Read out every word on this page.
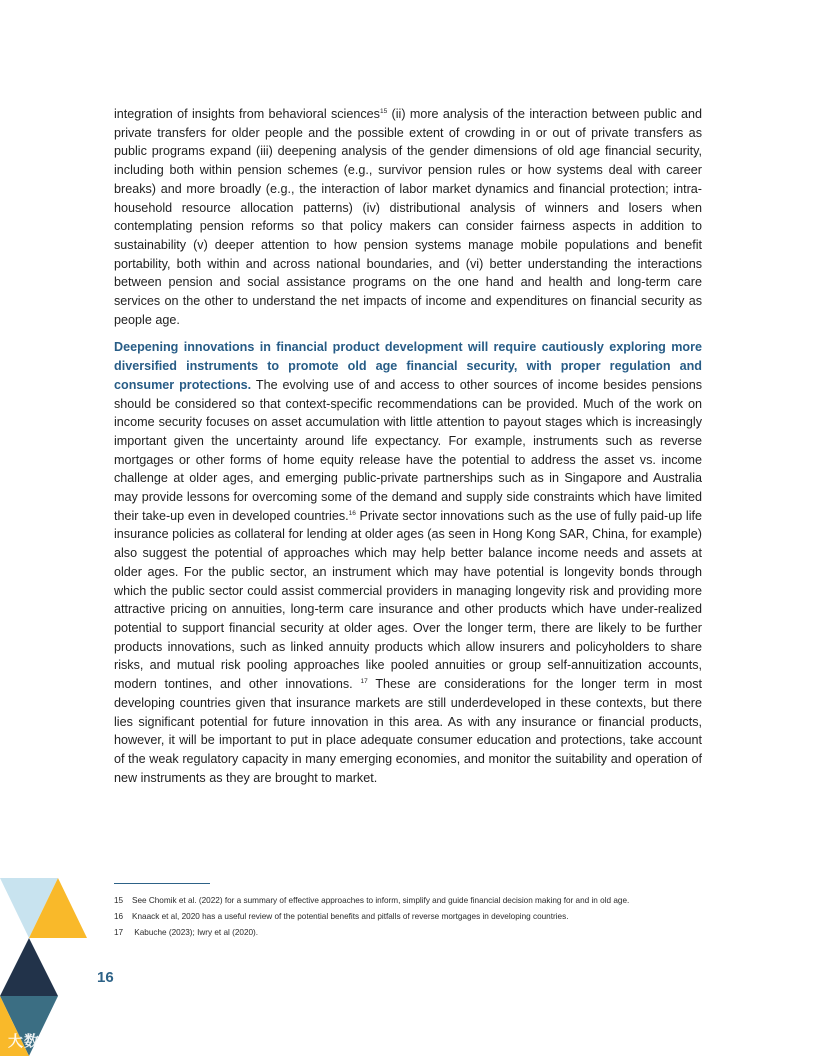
integration of insights from behavioral sciences$^{15}$ (ii) more analysis of the interaction between public and private transfers for older people and the possible extent of crowding in or out of private transfers as public programs expand (iii) deepening analysis of the gender dimensions of old age financial security, including both within pension schemes (e.g., survivor pension rules or how systems deal with career breaks) and more broadly (e.g., the interaction of labor market dynamics and financial protection; intra-household resource allocation patterns) (iv) distributional analysis of winners and losers when contemplating pension reforms so that policy makers can consider fairness aspects in addition to sustainability (v) deeper attention to how pension systems manage mobile populations and benefit portability, both within and across national boundaries, and (vi) better understanding the interactions between pension and social assistance programs on the one hand and health and long-term care services on the other to understand the net impacts of income and expenditures on financial security as people age.

Deepening innovations in financial product development will require cautiously exploring more diversified instruments to promote old age financial security, with proper regulation and consumer protections. The evolving use of and access to other sources of income besides pensions should be considered so that context-specific recommendations can be provided. Much of the work on income security focuses on asset accumulation with little attention to payout stages which is increasingly important given the uncertainty around life expectancy. For example, instruments such as reverse mortgages or other forms of home equity release have the potential to address the asset vs. income challenge at older ages, and emerging public-private partnerships such as in Singapore and Australia may provide lessons for overcoming some of the demand and supply side constraints which have limited their take-up even in developed countries.$^{16}$ Private sector innovations such as the use of fully paid-up life insurance policies as collateral for lending at older ages (as seen in Hong Kong SAR, China, for example) also suggest the potential of approaches which may help better balance income needs and assets at older ages. For the public sector, an instrument which may have potential is longevity bonds through which the public sector could assist commercial providers in managing longevity risk and providing more attractive pricing on annuities, long-term care insurance and other products which have under-realized potential to support financial security at older ages. Over the longer term, there are likely to be further products innovations, such as linked annuity products which allow insurers and policyholders to share risks, and mutual risk pooling approaches like pooled annuities or group self-annuitization accounts, modern tontines, and other innovations. $^{17}$ These are considerations for the longer term in most developing countries given that insurance markets are still underdeveloped in these contexts, but there lies significant potential for future innovation in this area. As with any insurance or financial products, however, it will be important to put in place adequate consumer education and protections, take account of the weak regulatory capacity in many emerging economies, and monitor the suitability and operation of new instruments as they are brought to market.

15 See Chomik et al. (2022) for a summary of effective approaches to inform, simplify and guide financial decision making for and in old age.
16 Knaack et al, 2020 has a useful review of the potential benefits and pitfalls of reverse mortgages in developing countries.
17 Kabuche (2023); Iwry et al (2020).
16
大数跨境
